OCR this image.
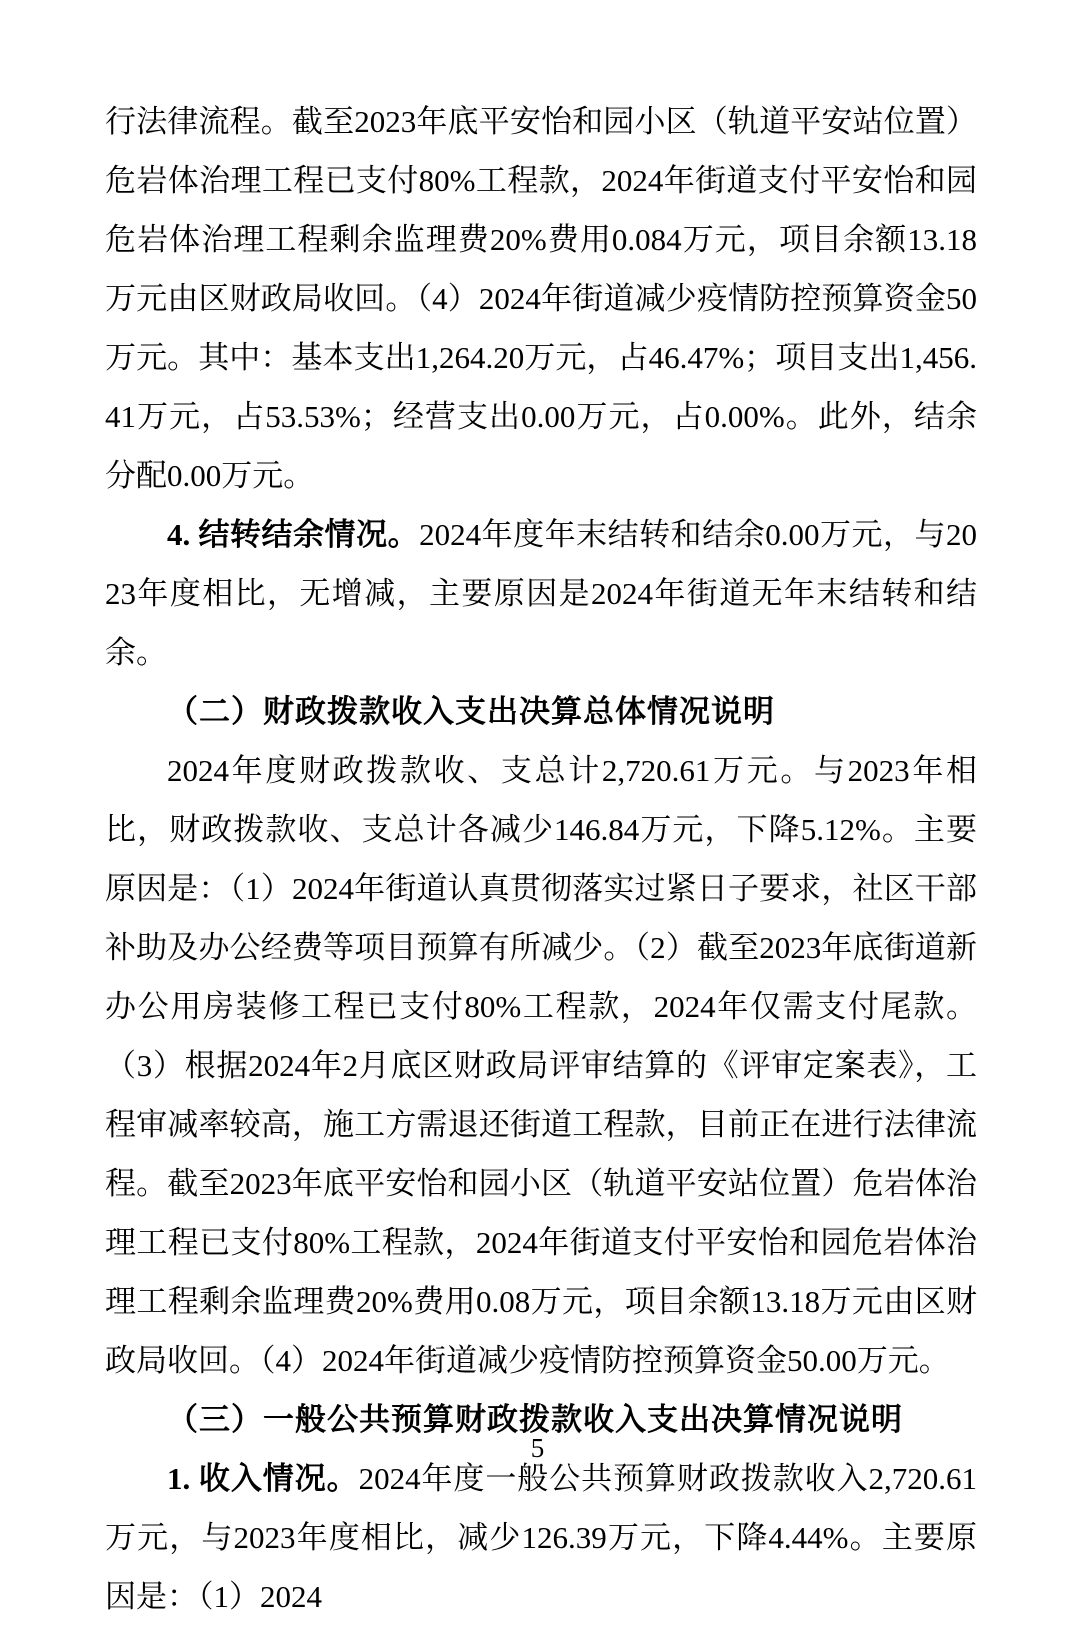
行法律流程。截至2023年底平安怡和园小区（轨道平安站位置）危岩体治理工程已支付80%工程款，2024年街道支付平安怡和园危岩体治理工程剩余监理费20%费用0.084万元，项目余额13.18万元由区财政局收回。（4）2024年街道减少疫情防控预算资金50万元。其中：基本支出1,264.20万元，占46.47%；项目支出1,456.41万元，占53.53%；经营支出0.00万元，占0.00%。此外，结余分配0.00万元。

4. 结转结余情况。2024年度年末结转和结余0.00万元，与2023年度相比，无增减，主要原因是2024年街道无年末结转和结余。

（二）财政拨款收入支出决算总体情况说明

2024年度财政拨款收、支总计2,720.61万元。与2023年相比，财政拨款收、支总计各减少146.84万元，下降5.12%。主要原因是：（1）2024年街道认真贯彻落实过紧日子要求，社区干部补助及办公经费等项目预算有所减少。（2）截至2023年底街道新办公用房装修工程已支付80%工程款，2024年仅需支付尾款。（3）根据2024年2月底区财政局评审结算的《评审定案表》，工程审减率较高，施工方需退还街道工程款，目前正在进行法律流程。截至2023年底平安怡和园小区（轨道平安站位置）危岩体治理工程已支付80%工程款，2024年街道支付平安怡和园危岩体治理工程剩余监理费20%费用0.08万元，项目余额13.18万元由区财政局收回。（4）2024年街道减少疫情防控预算资金50.00万元。

（三）一般公共预算财政拨款收入支出决算情况说明

1. 收入情况。2024年度一般公共预算财政拨款收入2,720.61万元，与2023年度相比，减少126.39万元，下降4.44%。主要原因是：（1）2024

5
